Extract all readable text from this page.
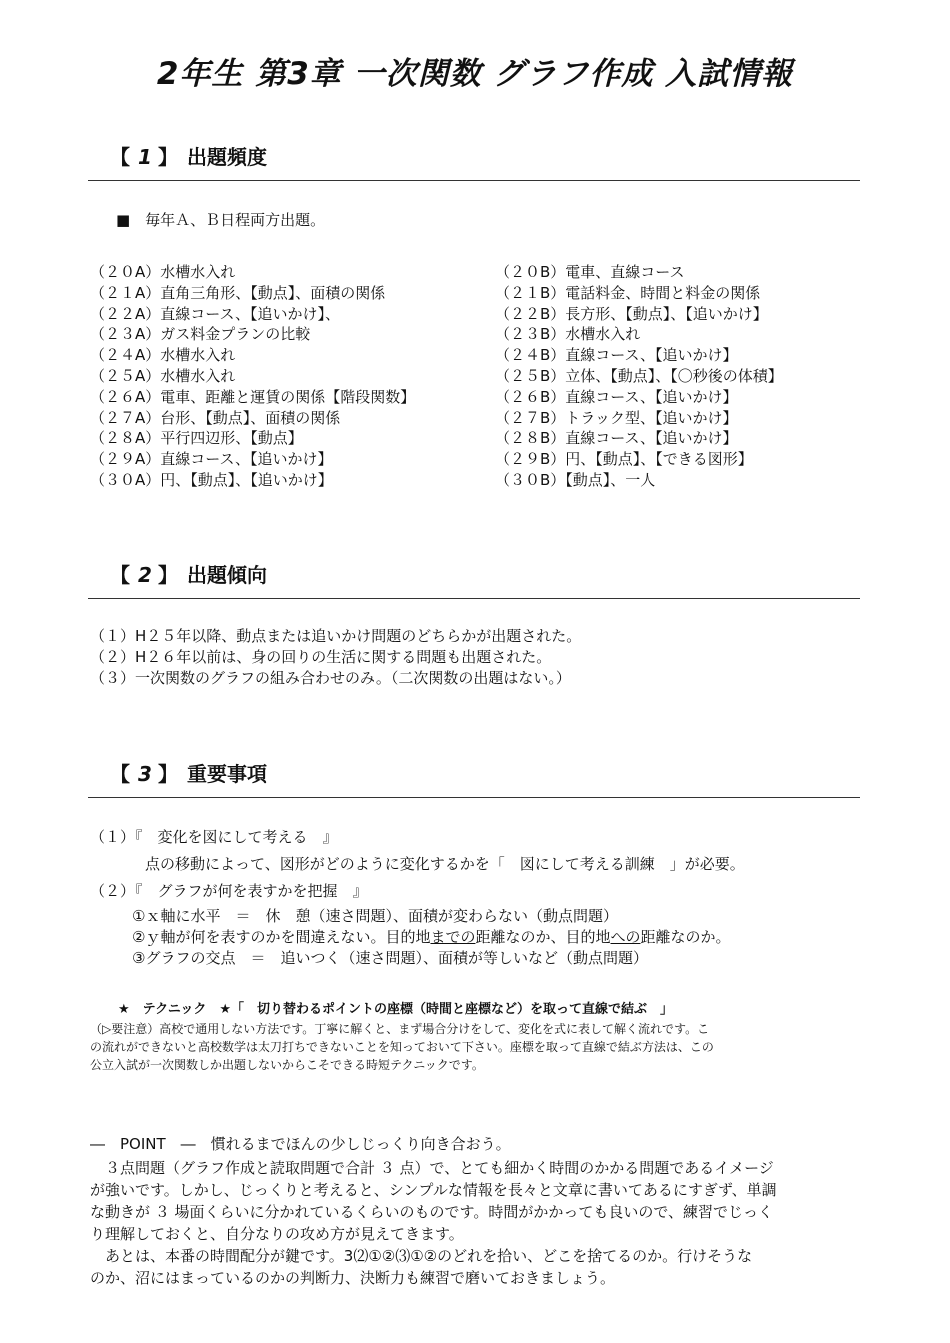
2年生 第3章 一次関数 グラフ作成 入試情報
【 1 】 出題頻度
■　毎年Ａ、Ｂ日程両方出題。
（２０A）水槽水入れ
（２１A）直角三角形、【動点】、面積の関係
（２２A）直線コース、【追いかけ】、
（２３A）ガス料金プランの比較
（２４A）水槽水入れ
（２５A）水槽水入れ
（２６A）電車、距離と運賃の関係【階段関数】
（２７A）台形、【動点】、面積の関係
（２８A）平行四辺形、【動点】
（２９A）直線コース、【追いかけ】
（３０A）円、【動点】、【追いかけ】
（２０B）電車、直線コース
（２１B）電話料金、時間と料金の関係
（２２B）長方形、【動点】、【追いかけ】
（２３B）水槽水入れ
（２４B）直線コース、【追いかけ】
（２５B）立体、【動点】、【〇秒後の体積】
（２６B）直線コース、【追いかけ】
（２７B）トラック型、【追いかけ】
（２８B）直線コース、【追いかけ】
（２９B）円、【動点】、【できる図形】
（３０B）【動点】、一人
【 2 】 出題傾向
（１）H２５年以降、動点または追いかけ問題のどちらかが出題された。
（２）H２６年以前は、身の回りの生活に関する問題も出題された。
（３）一次関数のグラフの組み合わせのみ。（二次関数の出題はない。）
【 3 】 重要事項
（１）『　変化を図にして考える　』
点の移動によって、図形がどのように変化するかを「　図にして考える訓練　」が必要。
（２）『　グラフが何を表すかを把握　』
①ｘ軸に水平　＝　休　憩（速さ問題）、面積が変わらない（動点問題）
②ｙ軸が何を表すのかを間違えない。目的地までの距離なのか、目的地への距離なのか。
③グラフの交点　＝　追いつく（速さ問題）、面積が等しいなど（動点問題）
★　テクニック　★「　切り替わるポイントの座標（時間と座標など）を取って直線で結ぶ　」
（▷要注意）高校で通用しない方法です。丁寧に解くと、まず場合分けをして、変化を式に表して解く流れです。こ
の流れができないと高校数学は太刀打ちできないことを知っておいて下さい。座標を取って直線で結ぶ方法は、この
公立入試が一次関数しか出題しないからこそできる時短テクニックです。
―　POINT　―　慣れるまでほんの少しじっくり向き合おう。
　３点問題（グラフ作成と読取問題で合計 ３ 点）で、とても細かく時間のかかる問題であるイメージ
が強いです。しかし、じっくりと考えると、シンプルな情報を長々と文章に書いてあるにすぎず、単調
な動きが ３ 場面くらいに分かれているくらいのものです。時間がかかっても良いので、練習でじっく
り理解しておくと、自分なりの攻め方が見えてきます。
　あとは、本番の時間配分が鍵です。3⑵①②⑶①②のどれを拾い、どこを捨てるのか。行けそうな
のか、沼にはまっているのかの判断力、決断力も練習で磨いておきましょう。
